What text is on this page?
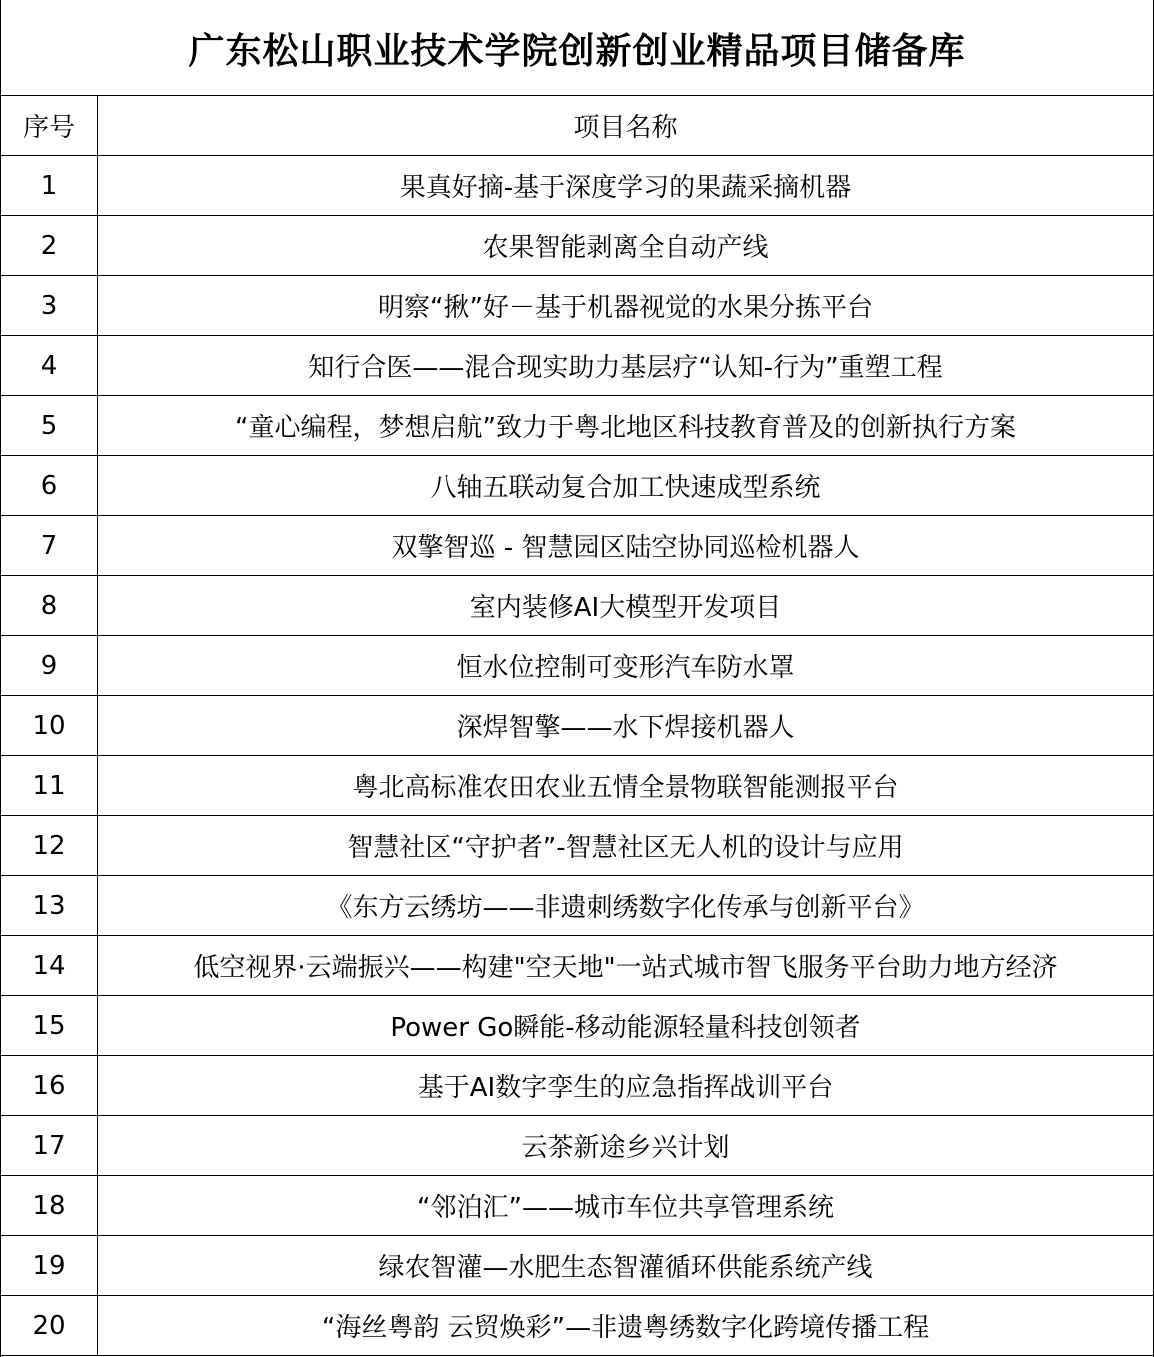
广东松山职业技术学院创新创业精品项目储备库
序号	项目名称
1	果真好摘-基于深度学习的果蔬采摘机器
2	农果智能剥离全自动产线
3	明察“揪”好－基于机器视觉的水果分拣平台
4	知行合医——混合现实助力基层疗“认知-行为”重塑工程
5	“童心编程，梦想启航”致力于粤北地区科技教育普及的创新执行方案
6	八轴五联动复合加工快速成型系统
7	双擎智巡 - 智慧园区陆空协同巡检机器人
8	室内装修AI大模型开发项目
9	恒水位控制可变形汽车防水罩
10	深焊智擎——水下焊接机器人
11	粤北高标准农田农业五情全景物联智能测报平台
12	智慧社区“守护者”-智慧社区无人机的设计与应用
13	《东方云绣坊——非遗刺绣数字化传承与创新平台》
14	低空视界·云端振兴——构建"空天地"一站式城市智飞服务平台助力地方经济
15	Power Go瞬能-移动能源轻量科技创领者
16	基于AI数字孪生的应急指挥战训平台
17	云茶新途乡兴计划
18	“邻泊汇”——城市车位共享管理系统
19	绿农智灌—水肥生态智灌循环供能系统产线
20	“海丝粤韵 云贸焕彩”—非遗粤绣数字化跨境传播工程
